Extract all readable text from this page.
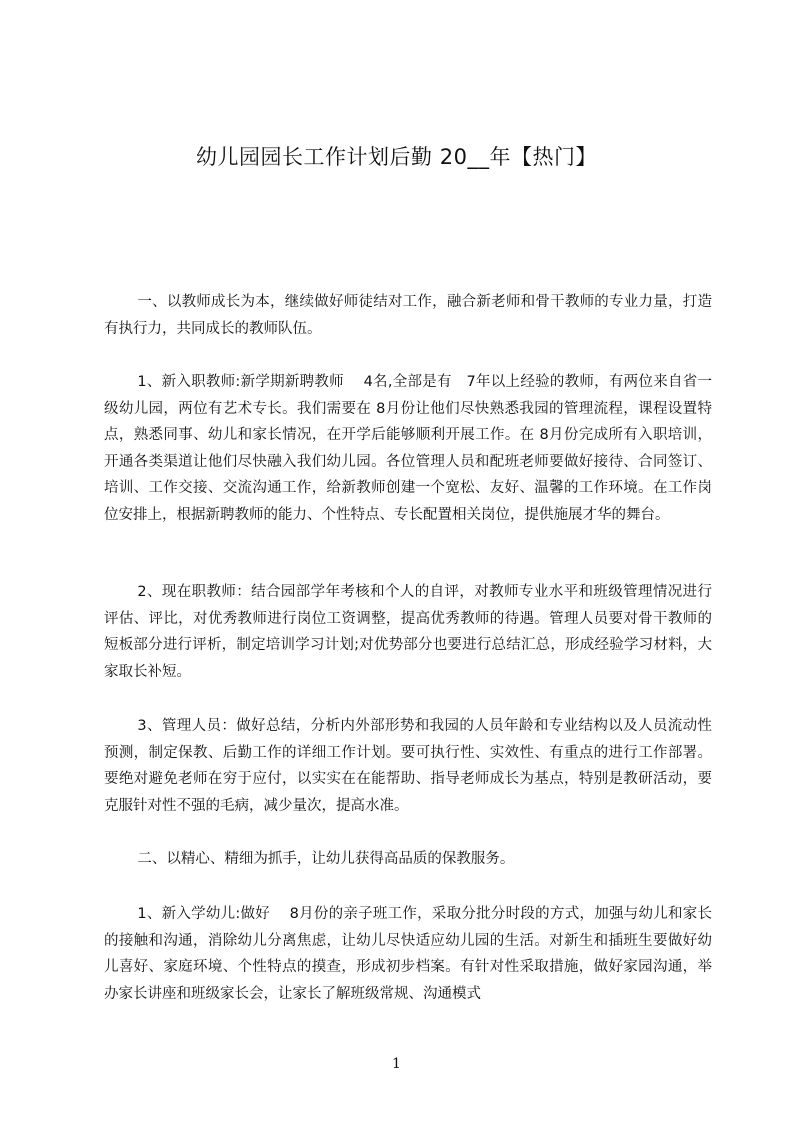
幼儿园园长工作计划后勤 20__年【热门】

一、以教师成长为本，继续做好师徒结对工作，融合新老师和骨干教师的专业力量，打造有执行力，共同成长的教师队伍。

1、新入职教师:新学期新聘教师　 4名,全部是有　7年以上经验的教师，有两位来自省一级幼儿园，两位有艺术专长。我们需要在 8月份让他们尽快熟悉我园的管理流程，课程设置特点，熟悉同事、幼儿和家长情况，在开学后能够顺利开展工作。在 8月份完成所有入职培训，开通各类渠道让他们尽快融入我们幼儿园。各位管理人员和配班老师要做好接待、合同签订、培训、工作交接、交流沟通工作，给新教师创建一个宽松、友好、温馨的工作环境。在工作岗位安排上，根据新聘教师的能力、个性特点、专长配置相关岗位，提供施展才华的舞台。

2、现在职教师：结合园部学年考核和个人的自评，对教师专业水平和班级管理情况进行评估、评比，对优秀教师进行岗位工资调整，提高优秀教师的待遇。管理人员要对骨干教师的短板部分进行评析，制定培训学习计划;对优势部分也要进行总结汇总，形成经验学习材料，大家取长补短。

3、管理人员：做好总结，分析内外部形势和我园的人员年龄和专业结构以及人员流动性预测，制定保教、后勤工作的详细工作计划。要可执行性、实效性、有重点的进行工作部署。要绝对避免老师在穷于应付，以实实在在能帮助、指导老师成长为基点，特别是教研活动，要克服针对性不强的毛病，减少量次，提高水准。

二、以精心、精细为抓手，让幼儿获得高品质的保教服务。

1、新入学幼儿:做好　 8月份的亲子班工作，采取分批分时段的方式，加强与幼儿和家长的接触和沟通，消除幼儿分离焦虑，让幼儿尽快适应幼儿园的生活。对新生和插班生要做好幼儿喜好、家庭环境、个性特点的摸查，形成初步档案。有针对性采取措施，做好家园沟通，举办家长讲座和班级家长会，让家长了解班级常规、沟通模式

1
